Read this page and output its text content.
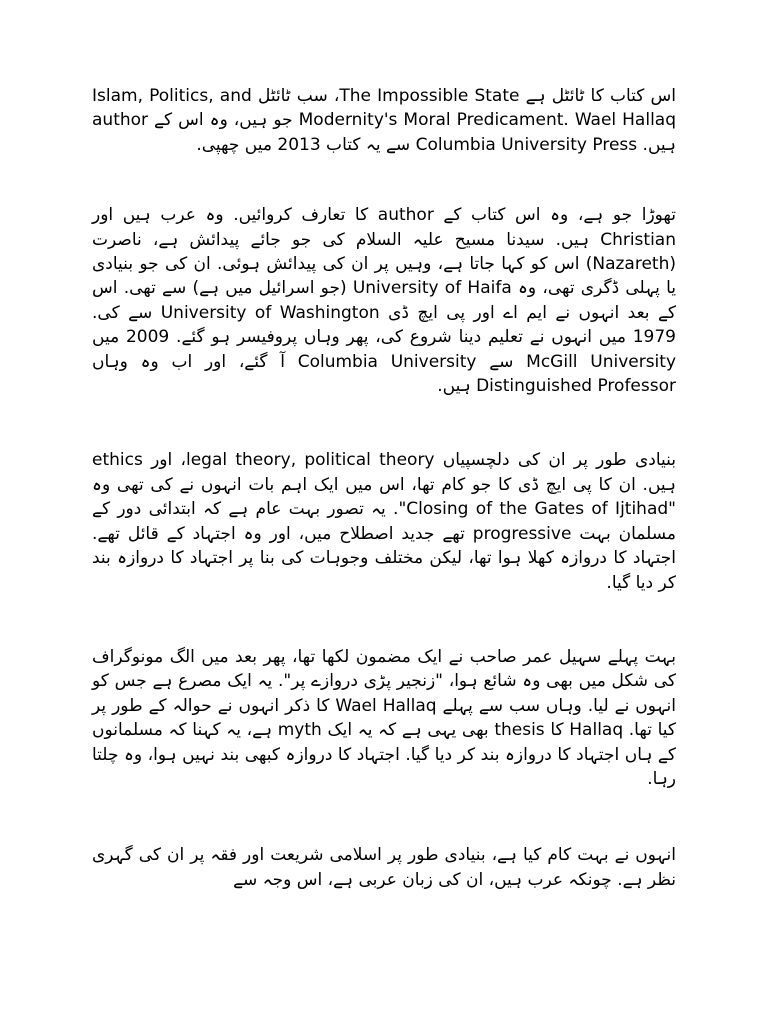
اس کتاب کا ٹائٹل ہے The Impossible State، سب ٹائٹل Islam, Politics, and Modernity's Moral Predicament. Wael Hallaq جو ہیں، وہ اس کے author ہیں. Columbia University Press سے یہ کتاب 2013 میں چھپی.

تھوڑا جو ہے، وہ اس کتاب کے author کا تعارف کروائیں. وہ عرب ہیں اور Christian ہیں. سیدنا مسیح علیہ السلام کی جو جائے پیدائش ہے، ناصرت (Nazareth) اس کو کہا جاتا ہے، وہیں پر ان کی پیدائش ہوئی. ان کی جو بنیادی یا پہلی ڈگری تھی، وہ University of Haifa (جو اسرائیل میں ہے) سے تھی. اس کے بعد انہوں نے ایم اے اور پی ایچ ڈی University of Washington سے کی. 1979 میں انہوں نے تعلیم دینا شروع کی، پھر وہاں پروفیسر ہو گئے. 2009 میں McGill University سے Columbia University آ گئے، اور اب وہ وہاں Distinguished Professor ہیں.

بنیادی طور پر ان کی دلچسپیاں legal theory, political theory، اور ethics ہیں. ان کا پی ایچ ڈی کا جو کام تھا، اس میں ایک اہم بات انہوں نے کی تھی وہ "Closing of the Gates of Ijtihad". یہ تصور بہت عام ہے کہ ابتدائی دور کے مسلمان بہت progressive تھے جدید اصطلاح میں، اور وہ اجتہاد کے قائل تھے. اجتہاد کا دروازہ کھلا ہوا تھا، لیکن مختلف وجوہات کی بنا پر اجتہاد کا دروازہ بند کر دیا گیا.

بہت پہلے سہیل عمر صاحب نے ایک مضمون لکھا تھا، پھر بعد میں الگ مونوگراف کی شکل میں بھی وہ شائع ہوا، "زنجیر پڑی دروازے پر". یہ ایک مصرع ہے جس کو انہوں نے لیا. وہاں سب سے پہلے Wael Hallaq کا ذکر انہوں نے حوالہ کے طور پر کیا تھا. Hallaq کا thesis بھی یہی ہے کہ یہ ایک myth ہے، یہ کہنا کہ مسلمانوں کے ہاں اجتہاد کا دروازہ بند کر دیا گیا. اجتہاد کا دروازہ کبھی بند نہیں ہوا، وہ چلتا رہا.

انہوں نے بہت کام کیا ہے، بنیادی طور پر اسلامی شریعت اور فقہ پر ان کی گہری نظر ہے. چونکہ عرب ہیں، ان کی زبان عربی ہے، اس وجہ سے
